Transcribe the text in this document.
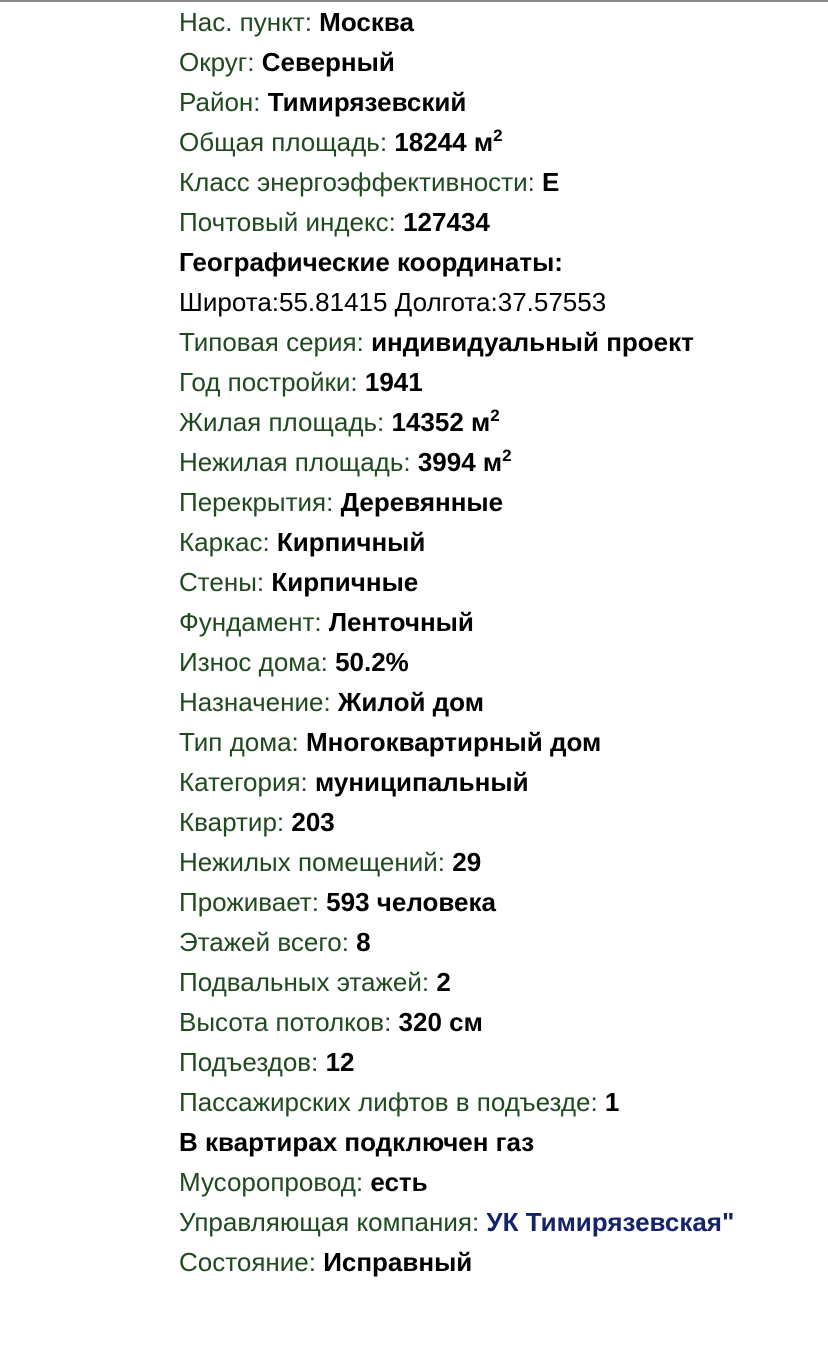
Нас. пункт: Москва
Округ: Северный
Район: Тимирязевский
Общая площадь: 18244 $м^2$
Класс энергоэффективности: Е
Почтовый индекс: 127434
Географические координаты:
Широта:55.81415 Долгота:37.57553
Типовая серия: индивидуальный проект
Год постройки: 1941
Жилая площадь: 14352 $м^2$
Нежилая площадь: 3994 $м^2$
Перекрытия: Деревянные
Каркас: Кирпичный
Стены: Кирпичные
Фундамент: Ленточный
Износ дома: 50.2%
Назначение: Жилой дом
Тип дома: Многоквартирный дом
Категория: муниципальный
Квартир: 203
Нежилых помещений: 29
Проживает: 593 человека
Этажей всего: 8
Подвальных этажей: 2
Высота потолков: 320 см
Подъездов: 12
Пассажирских лифтов в подъезде: 1
В квартирах подключен газ
Мусоропровод: есть
Управляющая компания: УК Тимирязевская"
Состояние: Исправный
